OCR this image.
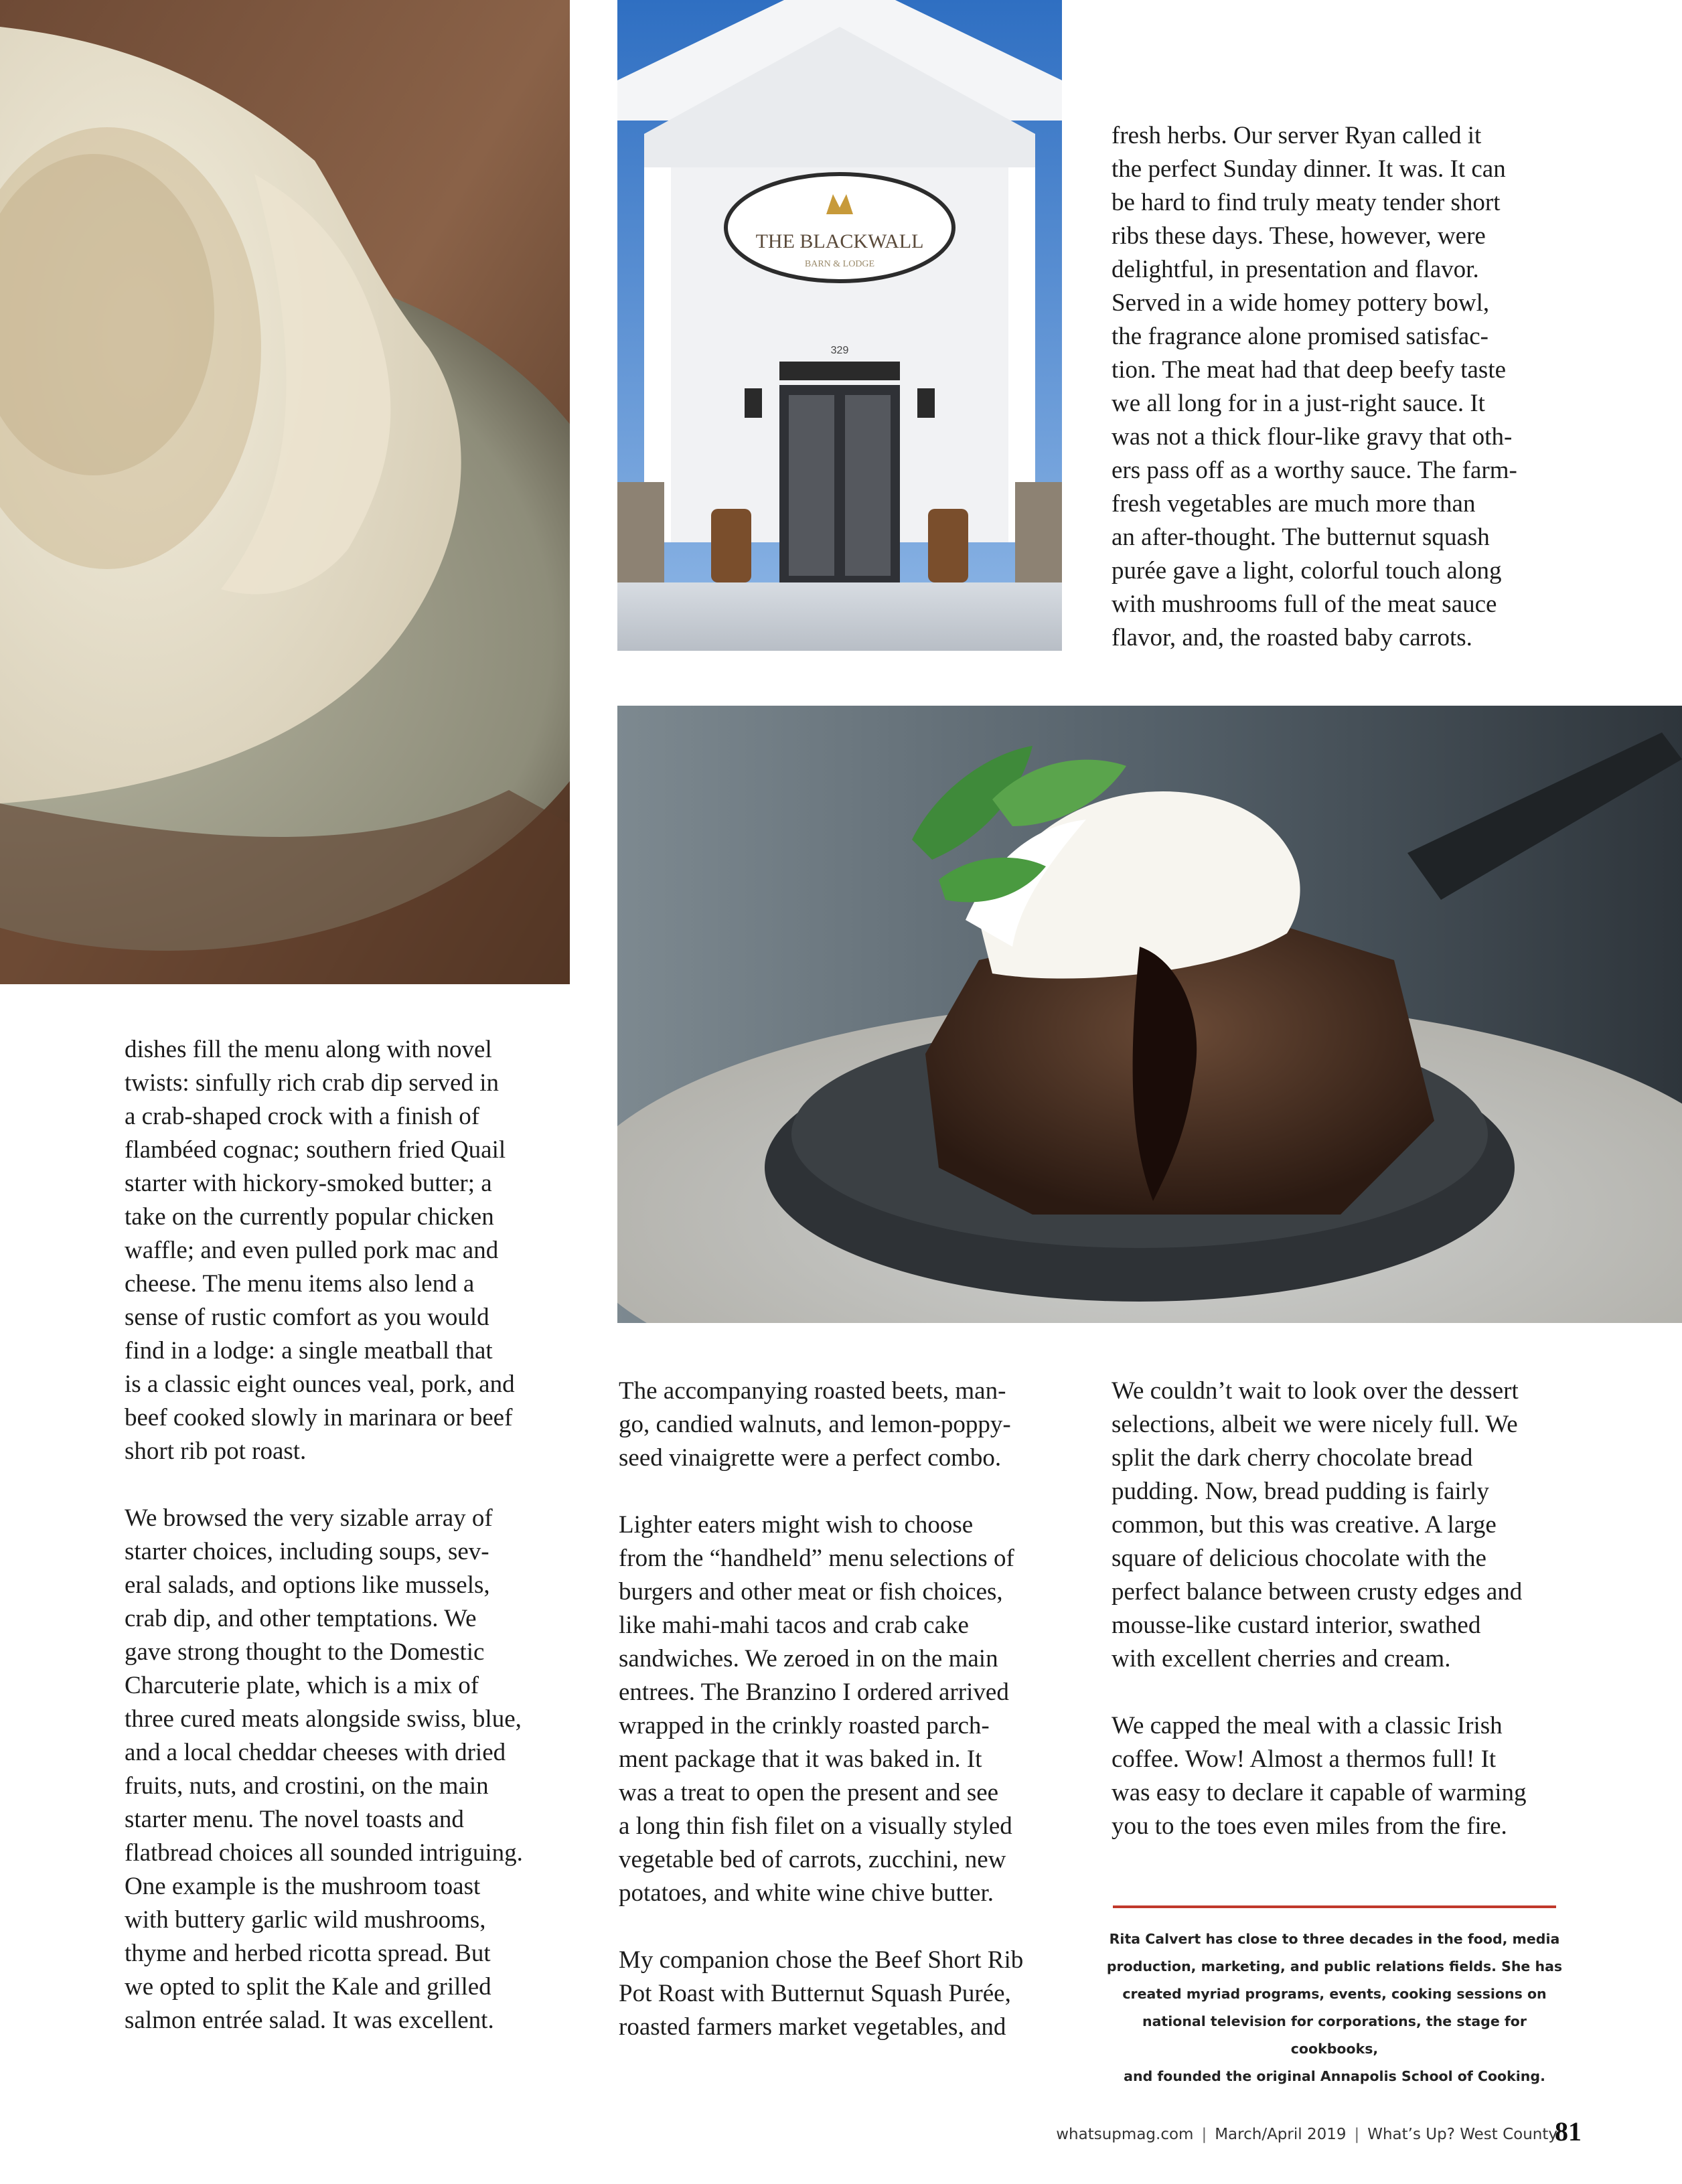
THE BLACKWALL
BARN & LODGE
329

fresh herbs. Our server Ryan called it
the perfect Sunday dinner. It was. It can
be hard to find truly meaty tender short
ribs these days. These, however, were
delightful, in presentation and flavor.
Served in a wide homey pottery bowl,
the fragrance alone promised satisfac-
tion. The meat had that deep beefy taste
we all long for in a just-right sauce. It
was not a thick flour-like gravy that oth-
ers pass off as a worthy sauce. The farm-
fresh vegetables are much more than
an after-thought. The butternut squash
purée gave a light, colorful touch along
with mushrooms full of the meat sauce
flavor, and, the roasted baby carrots.

dishes fill the menu along with novel
twists: sinfully rich crab dip served in
a crab-shaped crock with a finish of
flambéed cognac; southern fried Quail
starter with hickory-smoked butter; a
take on the currently popular chicken
waffle; and even pulled pork mac and
cheese. The menu items also lend a
sense of rustic comfort as you would
find in a lodge: a single meatball that
is a classic eight ounces veal, pork, and
beef cooked slowly in marinara or beef
short rib pot roast.

We browsed the very sizable array of
starter choices, including soups, sev-
eral salads, and options like mussels,
crab dip, and other temptations. We
gave strong thought to the Domestic
Charcuterie plate, which is a mix of
three cured meats alongside swiss, blue,
and a local cheddar cheeses with dried
fruits, nuts, and crostini, on the main
starter menu. The novel toasts and
flatbread choices all sounded intriguing.
One example is the mushroom toast
with buttery garlic wild mushrooms,
thyme and herbed ricotta spread. But
we opted to split the Kale and grilled
salmon entrée salad. It was excellent.

The accompanying roasted beets, man-
go, candied walnuts, and lemon-poppy-
seed vinaigrette were a perfect combo.

Lighter eaters might wish to choose
from the “handheld” menu selections of
burgers and other meat or fish choices,
like mahi-mahi tacos and crab cake
sandwiches. We zeroed in on the main
entrees. The Branzino I ordered arrived
wrapped in the crinkly roasted parch-
ment package that it was baked in. It
was a treat to open the present and see
a long thin fish filet on a visually styled
vegetable bed of carrots, zucchini, new
potatoes, and white wine chive butter.

My companion chose the Beef Short Rib
Pot Roast with Butternut Squash Purée,
roasted farmers market vegetables, and

We couldn’t wait to look over the dessert
selections, albeit we were nicely full. We
split the dark cherry chocolate bread
pudding. Now, bread pudding is fairly
common, but this was creative. A large
square of delicious chocolate with the
perfect balance between crusty edges and
mousse-like custard interior, swathed
with excellent cherries and cream.

We capped the meal with a classic Irish
coffee. Wow! Almost a thermos full! It
was easy to declare it capable of warming
you to the toes even miles from the fire.

Rita Calvert has close to three decades in the food, media
production, marketing, and public relations fields. She has
created myriad programs, events, cooking sessions on
national television for corporations, the stage for cookbooks,
and founded the original Annapolis School of Cooking.
whatsupmag.com | March/April 2019 | What’s Up? West County
81
